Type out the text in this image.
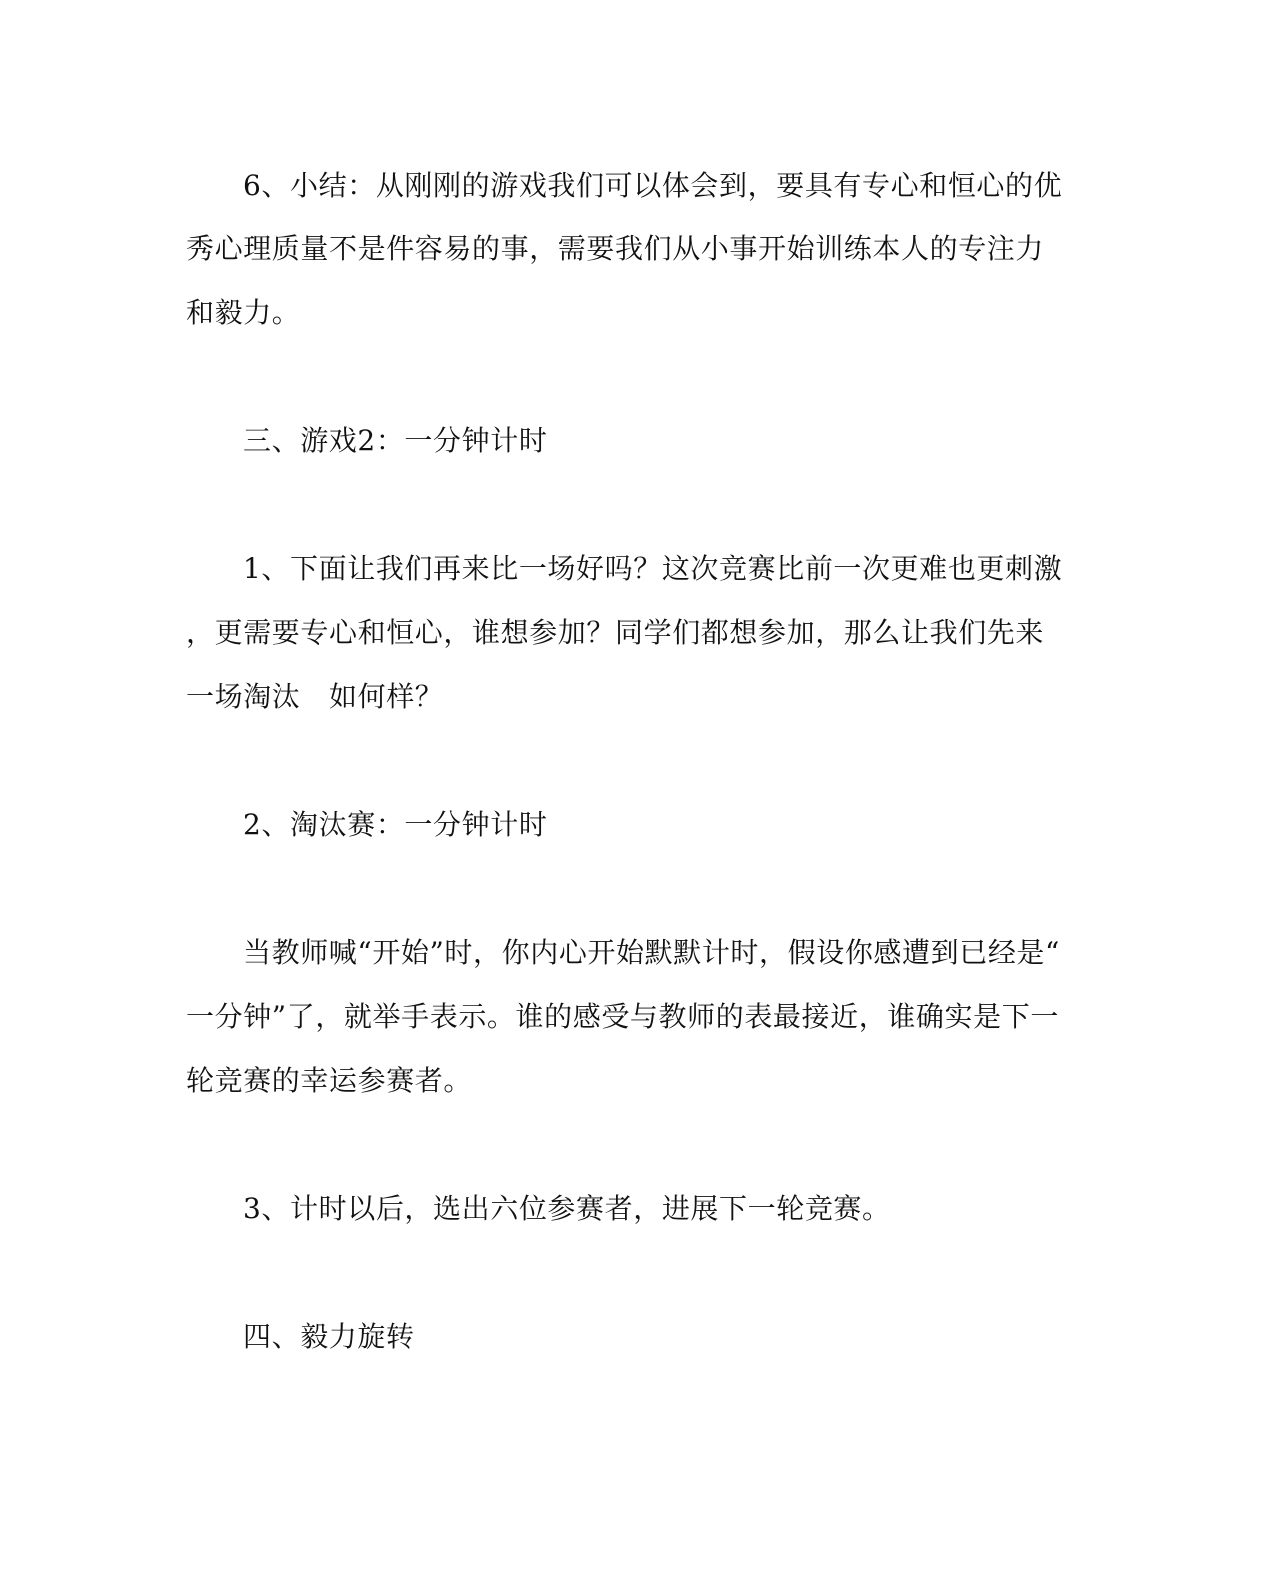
6、小结：从刚刚的游戏我们可以体会到，要具有专心和恒心的优
秀心理质量不是件容易的事，需要我们从小事开始训练本人的专注力
和毅力。
三、游戏2：一分钟计时
1、下面让我们再来比一场好吗？这次竞赛比前一次更难也更刺激
，更需要专心和恒心，谁想参加？同学们都想参加，那么让我们先来
一场淘汰　如何样？
2、淘汰赛：一分钟计时
当教师喊“开始”时，你内心开始默默计时，假设你感遭到已经是“
一分钟”了，就举手表示。谁的感受与教师的表最接近，谁确实是下一
轮竞赛的幸运参赛者。
3、计时以后，选出六位参赛者，进展下一轮竞赛。
四、毅力旋转
